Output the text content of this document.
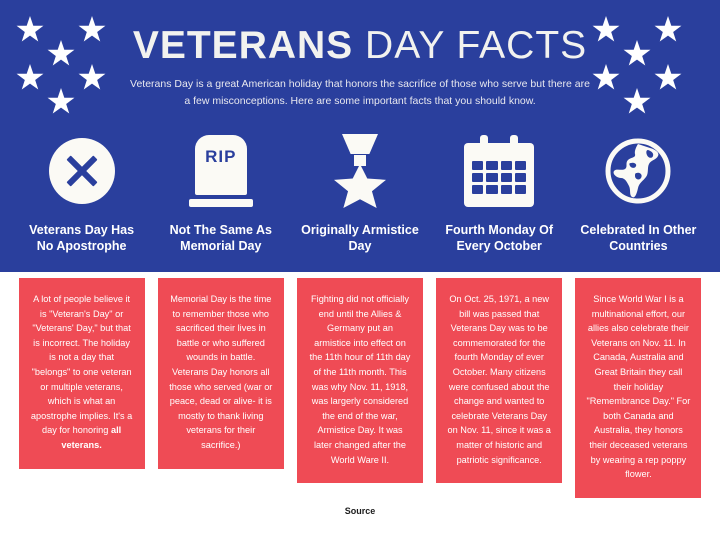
VETERANS DAY FACTS
Veterans Day is a great American holiday that honors the sacrifice of those who serve but there are a few misconceptions. Here are some important facts that you should know.
Veterans Day Has No Apostrophe
RIP
Not The Same As Memorial Day
Originally Armistice Day
Fourth Monday Of Every October
Celebrated In Other Countries
A lot of people believe it is "Veteran's Day" or "Veterans' Day," but that is incorrect. The holiday is not a day that "belongs" to one veteran or multiple veterans, which is what an apostrophe implies. It's a day for honoring all veterans.
Memorial Day is the time to remember those who sacrificed their lives in battle or who suffered wounds in battle. Veterans Day honors all those who served (war or peace, dead or alive- it is mostly to thank living veterans for their sacrifice.)
Fighting did not officially end until the Allies & Germany put an armistice into effect on the 11th hour of 11th day of the 11th month. This was why Nov. 11, 1918, was largerly considered the end of the war, Armistice Day. It was later changed after the World Ware II.
On Oct. 25, 1971, a new bill was passed that Veterans Day was to be commemorated for the fourth Monday of ever October. Many citizens were confused about the change and wanted to celebrate Veterans Day on Nov. 11, since it was a matter of historic and patriotic significance.
Since World War I is a multinational effort, our allies also celebrate their Veterans on Nov. 11. In Canada, Australia and Great Britain they call their holiday "Remembrance Day." For both Canada and Australia, they honors their deceased veterans by wearing a rep poppy flower.
Source
